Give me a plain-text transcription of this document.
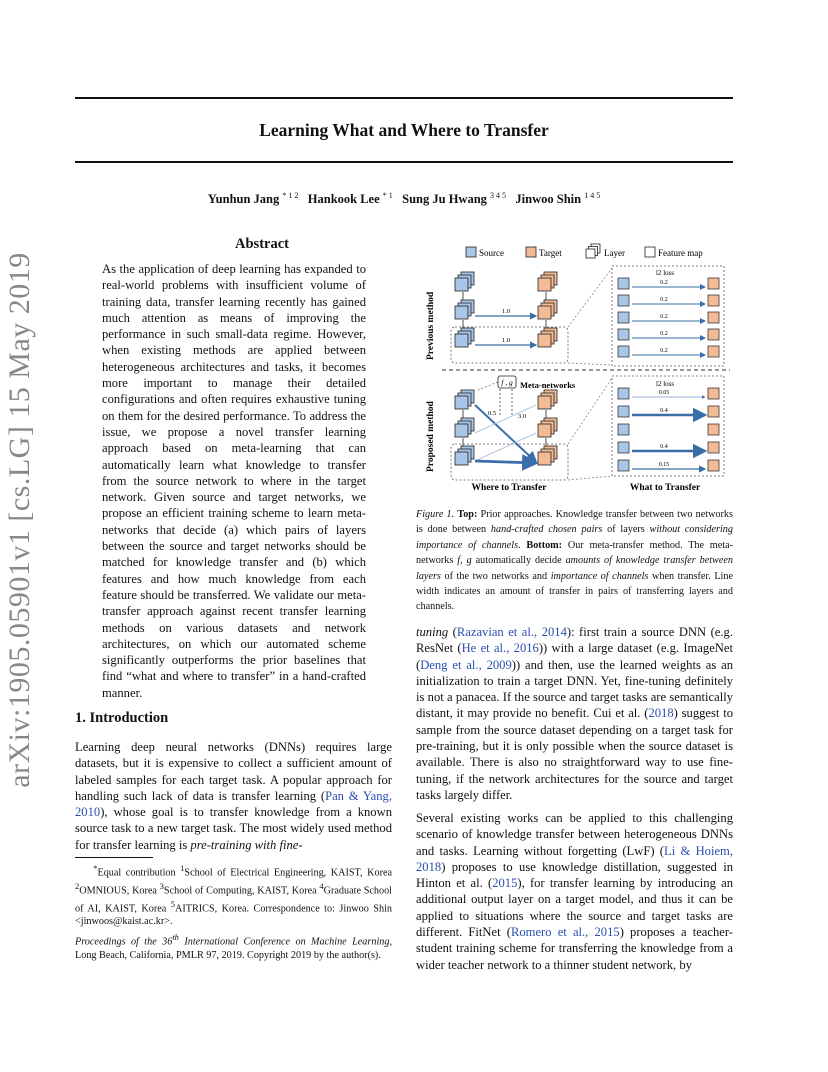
Learning What and Where to Transfer
Yunhun Jang $^{* 1 2}$ Hankook Lee $^{* 1}$ Sung Ju Hwang $^{3 4 5}$ Jinwoo Shin $^{1 4 5}$
arXiv:1905.05901v1 [cs.LG] 15 May 2019
Abstract

As the application of deep learning has expanded to real-world problems with insufficient volume of training data, transfer learning recently has gained much attention as means of improving the performance in such small-data regime. However, when existing methods are applied between heterogeneous architectures and tasks, it becomes more important to manage their detailed configurations and often requires exhaustive tuning on them for the desired performance. To address the issue, we propose a novel transfer learning approach based on meta-learning that can automatically learn what knowledge to transfer from the source network to where in the target network. Given source and target networks, we propose an efficient training scheme to learn meta-networks that decide (a) which pairs of layers between the source and target networks should be matched for knowledge transfer and (b) which features and how much knowledge from each feature should be transferred. We validate our meta-transfer approach against recent transfer learning methods on various datasets and network architectures, on which our automated scheme significantly outperforms the prior baselines that find “what and where to transfer” in a hand-crafted manner.

1. Introduction

Learning deep neural networks (DNNs) requires large datasets, but it is expensive to collect a sufficient amount of labeled samples for each target task. A popular approach for handling such lack of data is transfer learning (Pan & Yang, 2010), whose goal is to transfer knowledge from a known source task to a new target task. The most widely used method for transfer learning is pre-training with fine-

*Equal contribution $^1$School of Electrical Engineering, KAIST, Korea $^2$OMNIOUS, Korea $^3$School of Computing, KAIST, Korea $^4$Graduate School of AI, KAIST, Korea $^5$AITRICS, Korea. Correspondence to: Jinwoo Shin <jinwoos@kaist.ac.kr>.
Proceedings of the 36th International Conference on Machine Learning, Long Beach, California, PMLR 97, 2019. Copyright 2019 by the author(s).
Source	Target	Layer	Feature map
Previous method
Proposed method
1.0
1.0
l2 loss
0.2
0.2
0.2
0.2
0.2
f , g Meta-networks
0.5	3.0
l2 loss
0.05
0.4
0.4
0.15
Where to Transfer	What to Transfer
Figure 1. Top: Prior approaches. Knowledge transfer between two networks is done between hand-crafted chosen pairs of layers without considering importance of channels. Bottom: Our meta-transfer method. The meta-networks f, g automatically decide amounts of knowledge transfer between layers of the two networks and importance of channels when transfer. Line width indicates an amount of transfer in pairs of transferring layers and channels.

tuning (Razavian et al., 2014): first train a source DNN (e.g. ResNet (He et al., 2016)) with a large dataset (e.g. ImageNet (Deng et al., 2009)) and then, use the learned weights as an initialization to train a target DNN. Yet, fine-tuning definitely is not a panacea. If the source and target tasks are semantically distant, it may provide no benefit. Cui et al. (2018) suggest to sample from the source dataset depending on a target task for pre-training, but it is only possible when the source dataset is available. There is also no straightforward way to use fine-tuning, if the network architectures for the source and target tasks largely differ.

Several existing works can be applied to this challenging scenario of knowledge transfer between heterogeneous DNNs and tasks. Learning without forgetting (LwF) (Li & Hoiem, 2018) proposes to use knowledge distillation, suggested in Hinton et al. (2015), for transfer learning by introducing an additional output layer on a target model, and thus it can be applied to situations where the source and target tasks are different. FitNet (Romero et al., 2015) proposes a teacher-student training scheme for transferring the knowledge from a wider teacher network to a thinner student network, by
